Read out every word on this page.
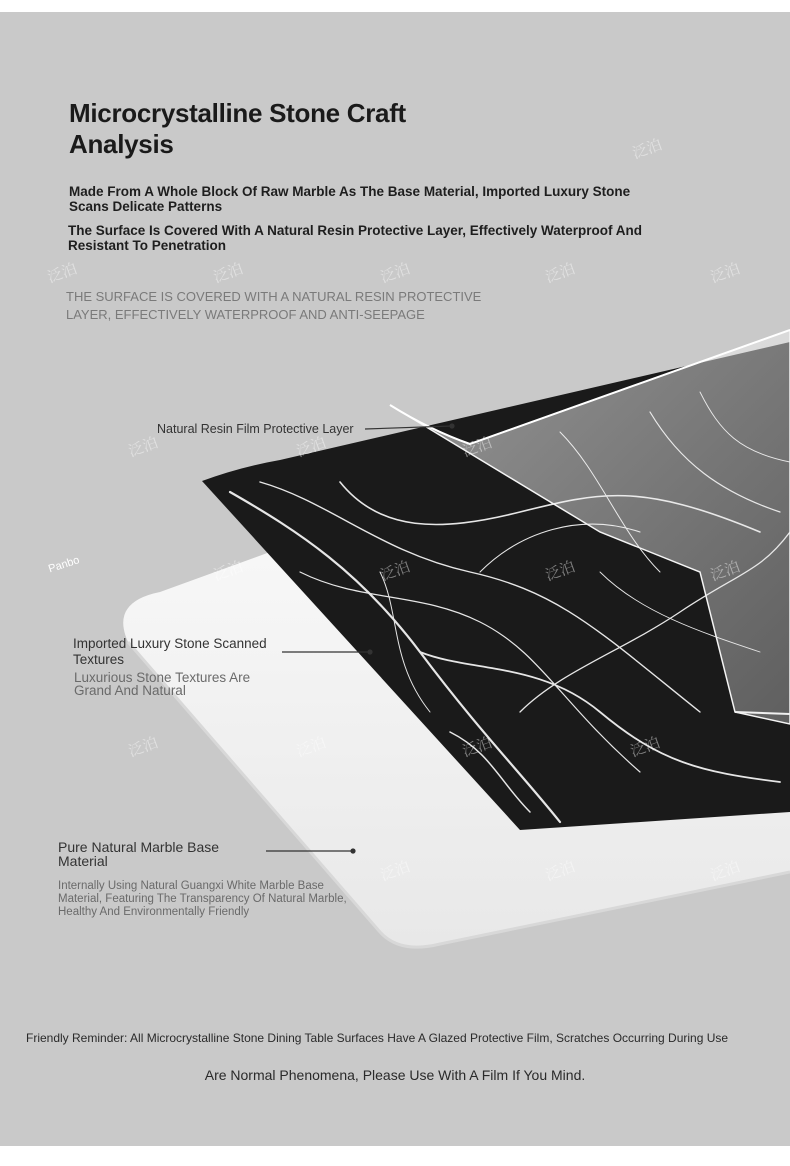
Microcrystalline Stone Craft Analysis
Made From A Whole Block Of Raw Marble As The Base Material, Imported Luxury Stone Scans Delicate Patterns
The Surface Is Covered With A Natural Resin Protective Layer, Effectively Waterproof And Resistant To Penetration
THE SURFACE IS COVERED WITH A NATURAL RESIN PROTECTIVE LAYER, EFFECTIVELY WATERPROOF AND ANTI-SEEPAGE
Natural Resin Film Protective Layer
Imported Luxury Stone Scanned Textures
Luxurious Stone Textures Are Grand And Natural
Pure Natural Marble Base Material
Internally Using Natural Guangxi White Marble Base Material, Featuring The Transparency Of Natural Marble, Healthy And Environmentally Friendly
Panbo
泛泊
泛泊	泛泊	泛泊	泛泊	泛泊
泛泊	泛泊	泛泊
泛泊	泛泊	泛泊	泛泊
泛泊	泛泊	泛泊	泛泊
泛泊	泛泊	泛泊
Friendly Reminder: All Microcrystalline Stone Dining Table Surfaces Have A Glazed Protective Film, Scratches Occurring During Use
Are Normal Phenomena, Please Use With A Film If You Mind.
